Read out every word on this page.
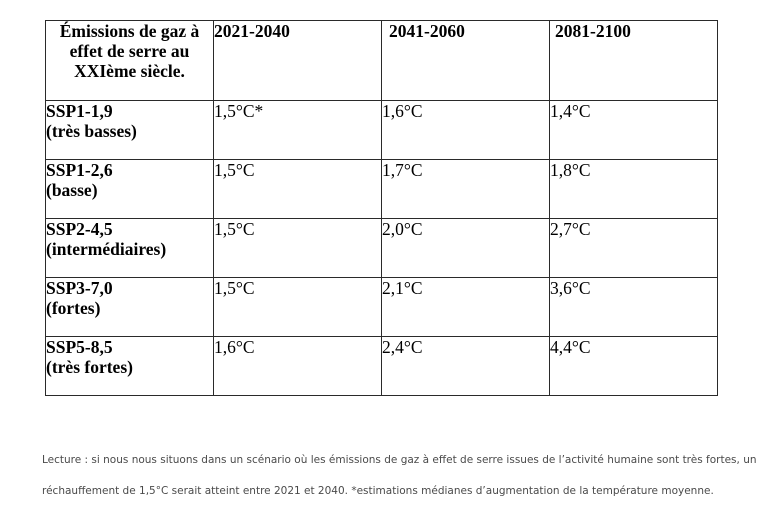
Émissions de gaz à
effet de serre au
XXIème siècle.	2021-2040	2041-2060	2081-2100

SSP1-1,9
(très basses)	1,5°C*	1,6°C	1,4°C

SSP1-2,6
(basse)	1,5°C	1,7°C	1,8°C

SSP2-4,5
(intermédiaires)	1,5°C	2,0°C	2,7°C

SSP3-7,0
(fortes)	1,5°C	2,1°C	3,6°C

SSP5-8,5
(très fortes)	1,6°C	2,4°C	4,4°C
Lecture : si nous nous situons dans un scénario où les émissions de gaz à effet de serre issues de l’activité humaine sont très fortes, un
réchauffement de 1,5°C serait atteint entre 2021 et 2040. *estimations médianes d’augmentation de la température moyenne.
